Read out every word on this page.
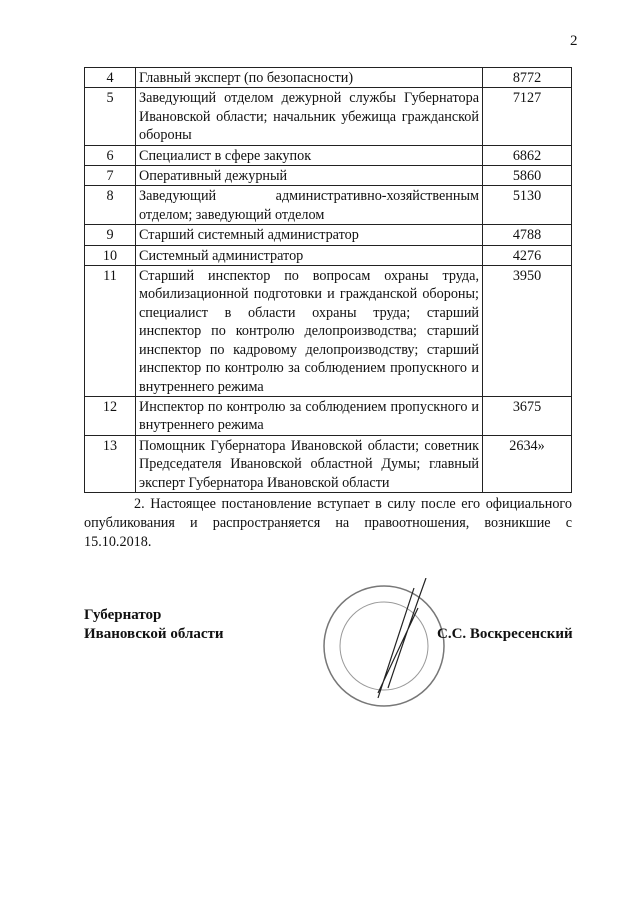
2
4	Главный эксперт (по безопасности)	8772
5	Заведующий отделом дежурной службы Губернатора Ивановской области; начальник убежища гражданской обороны	7127
6	Специалист в сфере закупок	6862
7	Оперативный дежурный	5860
8	Заведующий административно-хозяйственным отделом; заведующий отделом	5130
9	Старший системный администратор	4788
10	Системный администратор	4276
11	Старший инспектор по вопросам охраны труда, мобилизационной подготовки и гражданской обороны; специалист в области охраны труда; старший инспектор по контролю делопроизводства; старший инспектор по кадровому делопроизводству; старший инспектор по контролю за соблюдением пропускного и внутреннего режима	3950
12	Инспектор по контролю за соблюдением пропускного и внутреннего режима	3675
13	Помощник Губернатора Ивановской области; советник Председателя Ивановской областной Думы; главный эксперт Губернатора Ивановской области	2634»
2. Настоящее постановление вступает в силу после его официального опубликования и распространяется на правоотношения, возникшие с 15.10.2018.
Губернатор
Ивановской области	С.С. Воскресенский
